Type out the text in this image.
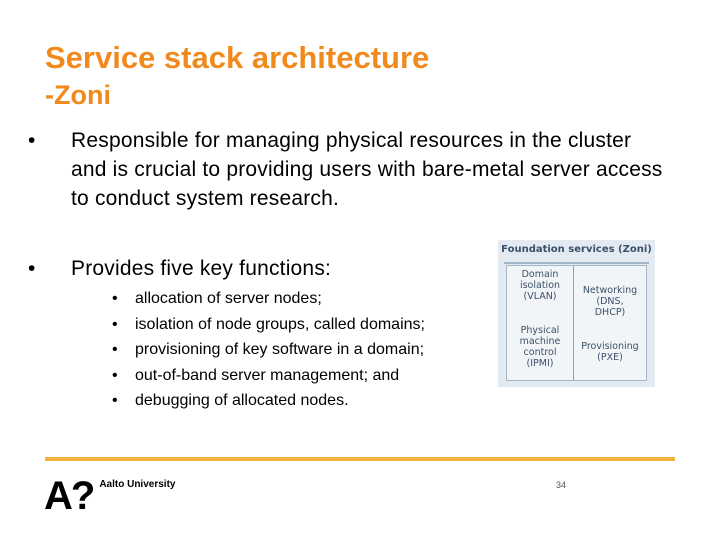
Service stack architecture
-Zoni
• Responsible for managing physical resources in the cluster and is crucial to providing users with bare-metal server access to conduct system research.
• Provides five key functions:
• allocation of server nodes;
• isolation of node groups, called domains;
• provisioning of key software in a domain;
• out-of-band server management; and
• debugging of allocated nodes.
Foundation services (Zoni)
Domain
isolation
(VLAN)
Physical
machine
control
(IPMI)
Networking
(DNS,
DHCP)
Provisioning
(PXE)
34
A? Aalto University
